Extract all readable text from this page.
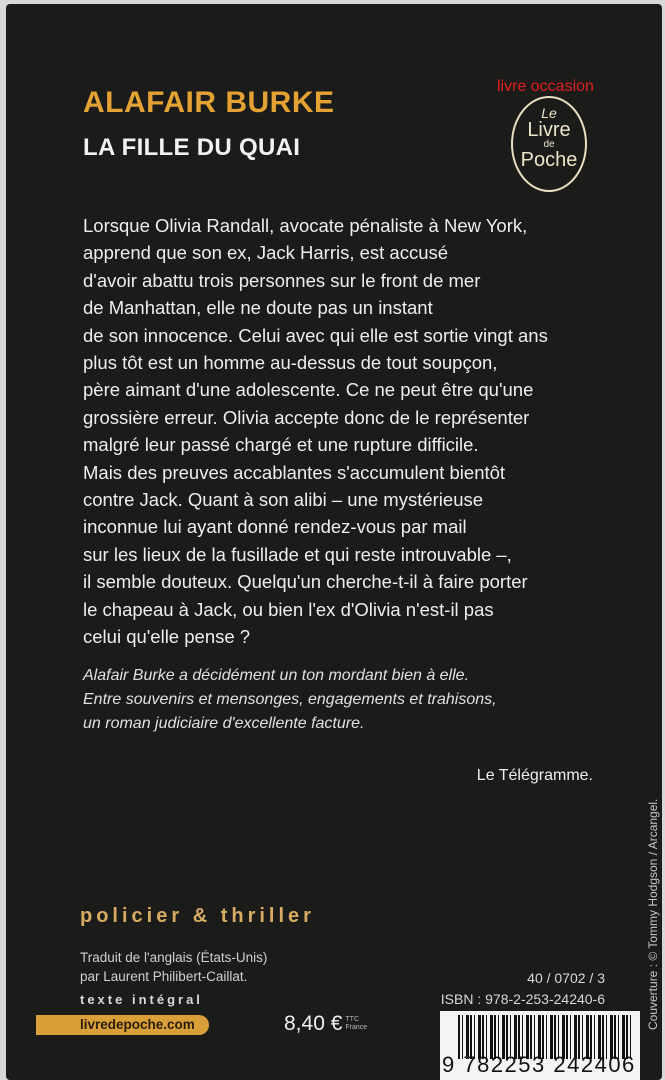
livre occasion
ALAFAIR BURKE
LA FILLE DU QUAI
Le
Livre
de
Poche
Lorsque Olivia Randall, avocate pénaliste à New York,
apprend que son ex, Jack Harris, est accusé
d'avoir abattu trois personnes sur le front de mer
de Manhattan, elle ne doute pas un instant
de son innocence. Celui avec qui elle est sortie vingt ans
plus tôt est un homme au-dessus de tout soupçon,
père aimant d'une adolescente. Ce ne peut être qu'une
grossière erreur. Olivia accepte donc de le représenter
malgré leur passé chargé et une rupture difficile.
Mais des preuves accablantes s'accumulent bientôt
contre Jack. Quant à son alibi – une mystérieuse
inconnue lui ayant donné rendez-vous par mail
sur les lieux de la fusillade et qui reste introuvable –,
il semble douteux. Quelqu'un cherche-t-il à faire porter
le chapeau à Jack, ou bien l'ex d'Olivia n'est-il pas
celui qu'elle pense ?
Alafair Burke a décidément un ton mordant bien à elle.
Entre souvenirs et mensonges, engagements et trahisons,
un roman judiciaire d'excellente facture.
Le Télégramme.
policier & thriller
Traduit de l'anglais (États-Unis)
par Laurent Philibert-Caillat.
texte intégral
livredepoche.com	8,40 € TTC
France
40 / 0702 / 3
ISBN : 978-2-253-24240-6
9 782253 242406
Couverture : © Tommy Hodgson / Arcangel.
